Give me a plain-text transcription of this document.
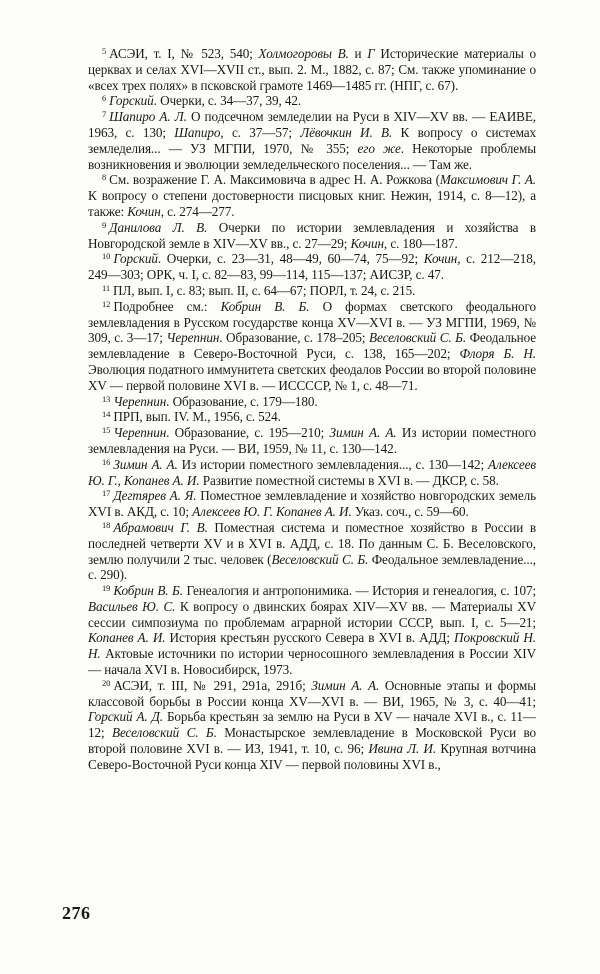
$^5$ АСЭИ, т. I, № 523, 540; Холмогоровы В. и Г Исторические материалы о церквах и селах XVI—XVII ст., вып. 2. М., 1882, с. 87; См. также упоминание о «всех трех полях» в псковской грамоте 1469—1485 гг. (НПГ, с. 67).

$^6$ Горский. Очерки, с. 34—37, 39, 42.

$^7$ Шапиро А. Л. О подсечном земледелии на Руси в XIV—XV вв. — ЕАИВЕ, 1963, с. 130; Шапиро, с. 37—57; Лёвочкин И. В. К вопросу о системах земледелия... — УЗ МГПИ, 1970, № 355; его же. Некоторые проблемы возникновения и эволюции земледельческого поселения... — Там же.

$^8$ См. возражение Г. А. Максимовича в адрес Н. А. Рожкова (Максимович Г. А. К вопросу о степени достоверности писцовых книг. Нежин, 1914, с. 8—12), а также: Кочин, с. 274—277.

$^9$ Данилова Л. В. Очерки по истории землевладения и хозяйства в Новгородской земле в XIV—XV вв., с. 27—29; Кочин, с. 180—187.

$^{10}$ Горский. Очерки, с. 23—31, 48—49, 60—74, 75—92; Кочин, с. 212—218, 249—303; ОРК, ч. I, с. 82—83, 99—114, 115—137; АИСЗР, с. 47.

$^{11}$ ПЛ, вып. I, с. 83; вып. II, с. 64—67; ПОРЛ, т. 24, с. 215.

$^{12}$ Подробнее см.: Кобрин В. Б. О формах светского феодального землевладения в Русском государстве конца XV—XVI в. — УЗ МГПИ, 1969, № 309, с. 3—17; Черепнин. Образование, с. 178–205; Веселовский С. Б. Феодальное землевладение в Северо-Восточной Руси, с. 138, 165—202; Флоря Б. Н. Эволюция податного иммунитета светских феодалов России во второй половине XV — первой половине XVI в. — ИССССР, № 1, с. 48—71.

$^{13}$ Черепнин. Образование, с. 179—180.

$^{14}$ ПРП, вып. IV. М., 1956, с. 524.

$^{15}$ Черепнин. Образование, с. 195—210; Зимин А. А. Из истории поместного землевладения на Руси. — ВИ, 1959, № 11, с. 130—142.

$^{16}$ Зимин А. А. Из истории поместного землевладения..., с. 130—142; Алексеев Ю. Г., Копанев А. И. Развитие поместной системы в XVI в. — ДКСР, с. 58.

$^{17}$ Дегтярев А. Я. Поместное землевладение и хозяйство новгородских земель XVI в. АКД, с. 10; Алексеев Ю. Г. Копанев А. И. Указ. соч., с. 59—60.

$^{18}$ Абрамович Г. В. Поместная система и поместное хозяйство в России в последней четверти XV и в XVI в. АДД, с. 18. По данным С. Б. Веселовского, землю получили 2 тыс. человек (Веселовский С. Б. Феодальное землевладение..., с. 290).

$^{19}$ Кобрин В. Б. Генеалогия и антропонимика. — История и генеалогия, с. 107; Васильев Ю. С. К вопросу о двинских боярах XIV—XV вв. — Материалы XV сессии симпозиума по проблемам аграрной истории СССР, вып. I, с. 5—21; Копанев А. И. История крестьян русского Севера в XVI в. АДД; Покровский Н. Н. Актовые источники по истории черносошного землевладения в России XIV — начала XVI в. Новосибирск, 1973.

$^{20}$ АСЭИ, т. III, № 291, 291а, 291б; Зимин А. А. Основные этапы и формы классовой борьбы в России конца XV—XVI в. — ВИ, 1965, № 3, с. 40—41; Горский А. Д. Борьба крестьян за землю на Руси в XV — начале XVI в., с. 11—12; Веселовский С. Б. Монастырское землевладение в Московской Руси во второй половине XVI в. — ИЗ, 1941, т. 10, с. 96; Ивина Л. И. Крупная вотчина Северо-Восточной Руси конца XIV — первой половины XVI в.,

276
